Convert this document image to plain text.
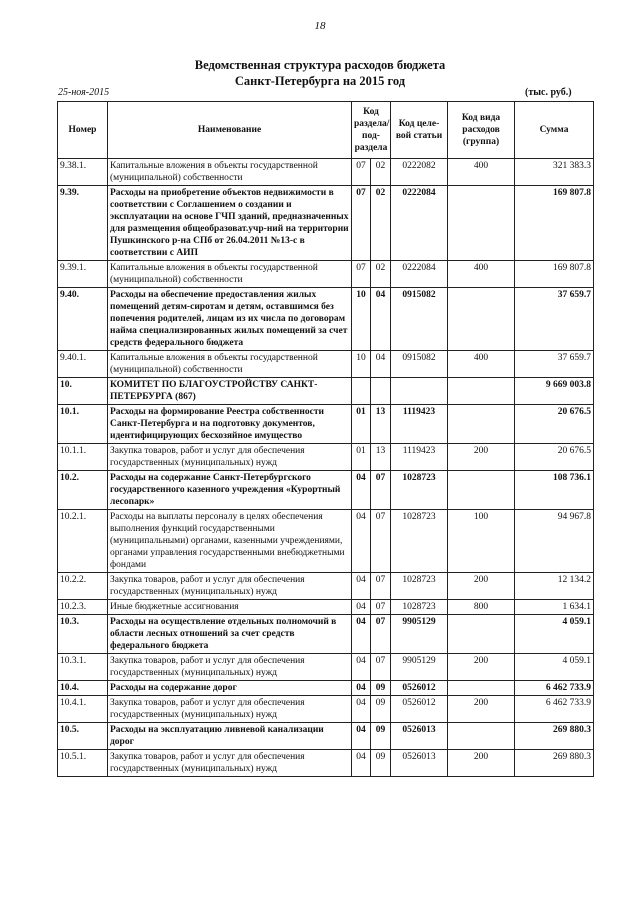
18
Ведомственная структура расходов бюджета
Санкт-Петербурга на 2015 год
25-ноя-2015	(тыс. руб.)
Номер	Наименование	Код раздела/ под- раздела		Код целе- вой статьи	Код вида расходов (группа)	Сумма
9.38.1.	Капитальные вложения в объекты государственной (муниципальной) собственности	07	02	0222082	400	321 383.3
9.39.	Расходы на приобретение объектов недвижимости в соответствии с Соглашением о создании и эксплуатации на основе ГЧП зданий, предназначенных для размещения общеобразоват.учр-ний на территории Пушкинского р-на СПб от 26.04.2011 №13-с в соответствии с АИП	07	02	0222084		169 807.8
9.39.1.	Капитальные вложения в объекты государственной (муниципальной) собственности	07	02	0222084	400	169 807.8
9.40.	Расходы на обеспечение предоставления жилых помещений детям-сиротам и детям, оставшимся без попечения родителей, лицам из их числа по договорам найма специализированных жилых помещений за счет средств федерального бюджета	10	04	0915082		37 659.7
9.40.1.	Капитальные вложения в объекты государственной (муниципальной) собственности	10	04	0915082	400	37 659.7
10.	КОМИТЕТ ПО БЛАГОУСТРОЙСТВУ САНКТ-ПЕТЕРБУРГА (867)					9 669 003.8
10.1.	Расходы на формирование Реестра собственности Санкт-Петербурга и на подготовку документов, идентифицирующих бесхозяйное имущество	01	13	1119423		20 676.5
10.1.1.	Закупка товаров, работ и услуг для обеспечения государственных (муниципальных) нужд	01	13	1119423	200	20 676.5
10.2.	Расходы на содержание Санкт-Петербургского государственного казенного учреждения «Курортный лесопарк»	04	07	1028723		108 736.1
10.2.1.	Расходы на выплаты персоналу в целях обеспечения выполнения функций государственными (муниципальными) органами, казенными учреждениями, органами управления государственными внебюджетными фондами	04	07	1028723	100	94 967.8
10.2.2.	Закупка товаров, работ и услуг для обеспечения государственных (муниципальных) нужд	04	07	1028723	200	12 134.2
10.2.3.	Иные бюджетные ассигнования	04	07	1028723	800	1 634.1
10.3.	Расходы на осуществление отдельных полномочий в области лесных отношений за счет средств федерального бюджета	04	07	9905129		4 059.1
10.3.1.	Закупка товаров, работ и услуг для обеспечения государственных (муниципальных) нужд	04	07	9905129	200	4 059.1
10.4.	Расходы на содержание дорог	04	09	0526012		6 462 733.9
10.4.1.	Закупка товаров, работ и услуг для обеспечения государственных (муниципальных) нужд	04	09	0526012	200	6 462 733.9
10.5.	Расходы на эксплуатацию ливневой канализации дорог	04	09	0526013		269 880.3
10.5.1.	Закупка товаров, работ и услуг для обеспечения государственных (муниципальных) нужд	04	09	0526013	200	269 880.3
